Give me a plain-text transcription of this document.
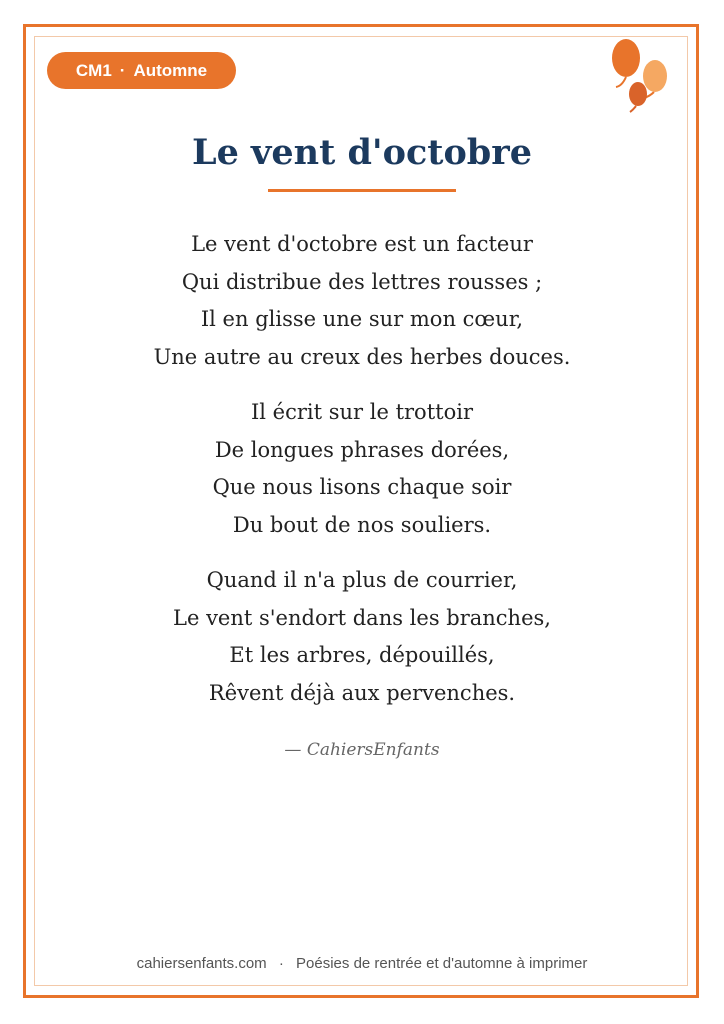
CM1 · Automne
Le vent d'octobre
Le vent d'octobre est un facteur
Qui distribue des lettres rousses ;
Il en glisse une sur mon cœur,
Une autre au creux des herbes douces.
Il écrit sur le trottoir
De longues phrases dorées,
Que nous lisons chaque soir
Du bout de nos souliers.
Quand il n'a plus de courrier,
Le vent s'endort dans les branches,
Et les arbres, dépouillés,
Rêvent déjà aux pervenches.
— CahiersEnfants
cahiersenfants.com · Poésies de rentrée et d'automne à imprimer
